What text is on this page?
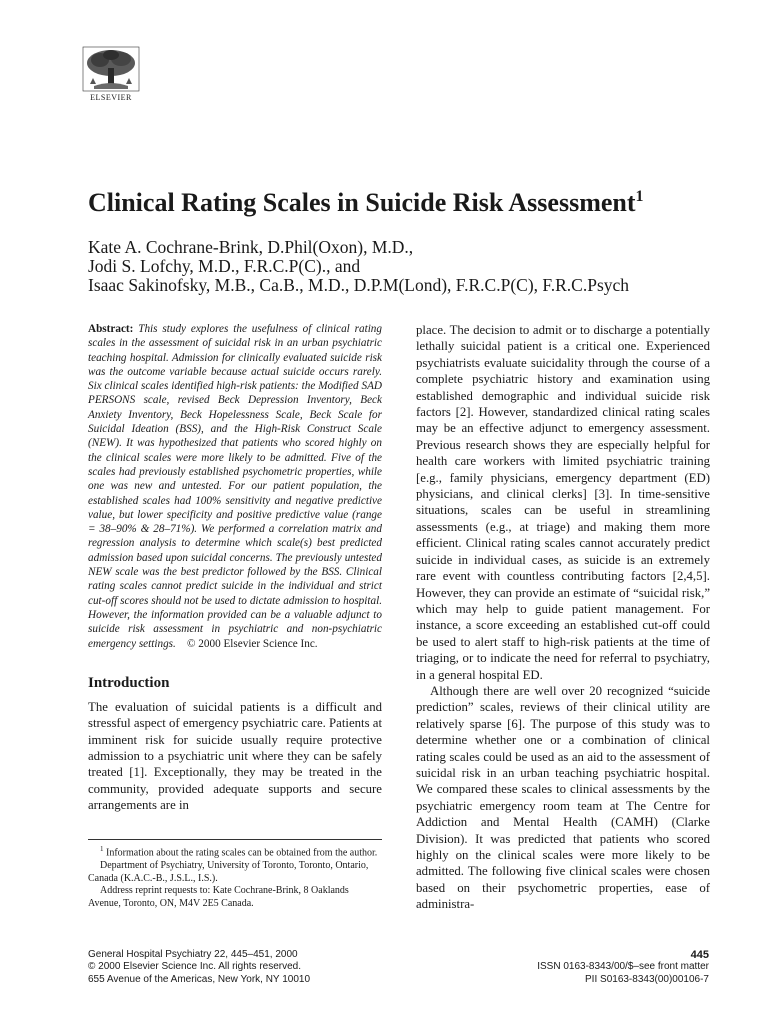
ELSEVIER
Clinical Rating Scales in Suicide Risk Assessment$^1$
Kate A. Cochrane-Brink, D.Phil(Oxon), M.D.,
Jodi S. Lofchy, M.D., F.R.C.P(C)., and
Isaac Sakinofsky, M.B., Ca.B., M.D., D.P.M(Lond), F.R.C.P(C), F.R.C.Psych

Abstract: This study explores the usefulness of clinical rating scales in the assessment of suicidal risk in an urban psychiatric teaching hospital. Admission for clinically evaluated suicide risk was the outcome variable because actual suicide occurs rarely. Six clinical scales identified high-risk patients: the Modified SAD PERSONS scale, revised Beck Depression Inventory, Beck Anxiety Inventory, Beck Hopelessness Scale, Beck Scale for Suicidal Ideation (BSS), and the High-Risk Construct Scale (NEW). It was hypothesized that patients who scored highly on the clinical scales were more likely to be admitted. Five of the scales had previously established psychometric properties, while one was new and untested. For our patient population, the established scales had 100% sensitivity and negative predictive value, but lower specificity and positive predictive value (range = 38–90% & 28–71%). We performed a correlation matrix and regression analysis to determine which scale(s) best predicted admission based upon suicidal concerns. The previously untested NEW scale was the best predictor followed by the BSS. Clinical rating scales cannot predict suicide in the individual and strict cut-off scores should not be used to dictate admission to hospital. However, the information provided can be a valuable adjunct to suicide risk assessment in psychiatric and non-psychiatric emergency settings. © 2000 Elsevier Science Inc.

Introduction

The evaluation of suicidal patients is a difficult and stressful aspect of emergency psychiatric care. Patients at imminent risk for suicide usually require protective admission to a psychiatric unit where they can be safely treated [1]. Exceptionally, they may be treated in the community, provided adequate supports and secure arrangements are in

place. The decision to admit or to discharge a potentially lethally suicidal patient is a critical one. Experienced psychiatrists evaluate suicidality through the course of a complete psychiatric history and examination using established demographic and individual suicide risk factors [2]. However, standardized clinical rating scales may be an effective adjunct to emergency assessment. Previous research shows they are especially helpful for health care workers with limited psychiatric training [e.g., family physicians, emergency department (ED) physicians, and clinical clerks] [3]. In time-sensitive situations, scales can be useful in streamlining assessments (e.g., at triage) and making them more efficient. Clinical rating scales cannot accurately predict suicide in individual cases, as suicide is an extremely rare event with countless contributing factors [2,4,5]. However, they can provide an estimate of “suicidal risk,” which may help to guide patient management. For instance, a score exceeding an established cut-off could be used to alert staff to high-risk patients at the time of triaging, or to indicate the need for referral to psychiatry, in a general hospital ED.

Although there are well over 20 recognized “suicide prediction” scales, reviews of their clinical utility are relatively sparse [6]. The purpose of this study was to determine whether one or a combination of clinical rating scales could be used as an aid to the assessment of suicidal risk in an urban teaching psychiatric hospital. We compared these scales to clinical assessments by the psychiatric emergency room team at The Centre for Addiction and Mental Health (CAMH) (Clarke Division). It was predicted that patients who scored highly on the clinical scales were more likely to be admitted. The following five clinical scales were chosen based on their psychometric properties, ease of administra-

$^1$ Information about the rating scales can be obtained from the author.

Department of Psychiatry, University of Toronto, Toronto, Ontario, Canada (K.A.C.-B., J.S.L., I.S.).

Address reprint requests to: Kate Cochrane-Brink, 8 Oaklands Avenue, Toronto, ON, M4V 2E5 Canada.

General Hospital Psychiatry 22, 445–451, 2000
© 2000 Elsevier Science Inc. All rights reserved.
655 Avenue of the Americas, New York, NY 10010
445
ISSN 0163-8343/00/$–see front matter
PII S0163-8343(00)00106-7
